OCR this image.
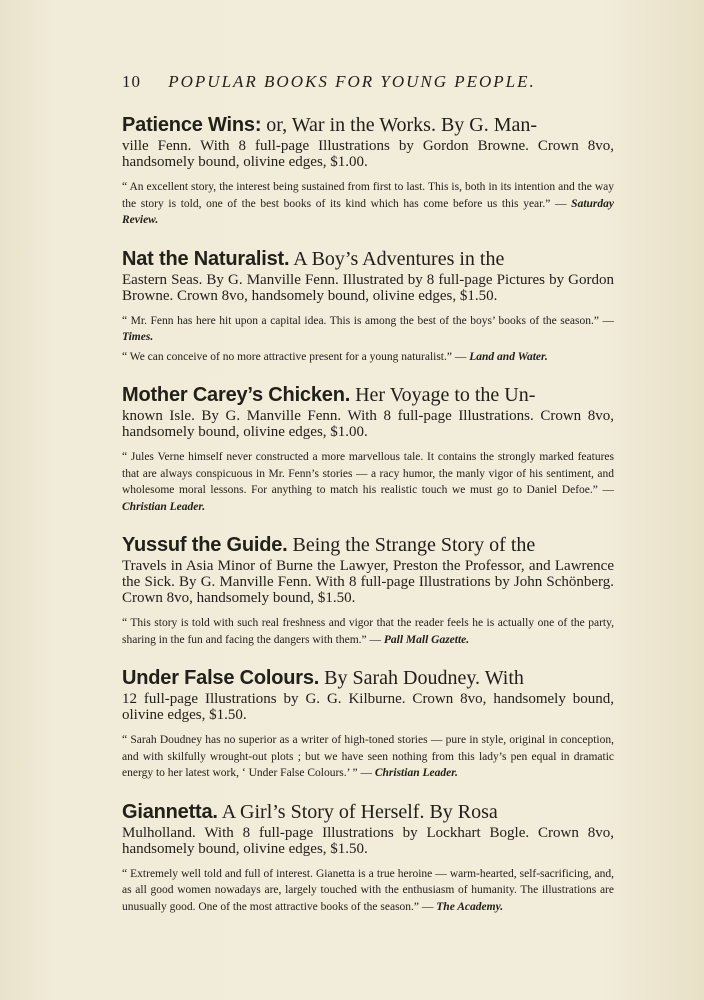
10 POPULAR BOOKS FOR YOUNG PEOPLE.
Patience Wins: or, War in the Works. By G. Man-
ville Fenn. With 8 full-page Illustrations by Gordon Browne. Crown 8vo, handsomely bound, olivine edges, $1.00.
“ An excellent story, the interest being sustained from first to last. This is, both in its intention and the way the story is told, one of the best books of its kind which has come before us this year.” — Saturday Review.
Nat the Naturalist. A Boy’s Adventures in the
Eastern Seas. By G. Manville Fenn. Illustrated by 8 full-page Pictures by Gordon Browne. Crown 8vo, handsomely bound, olivine edges, $1.50.
“ Mr. Fenn has here hit upon a capital idea. This is among the best of the boys’ books of the season.” — Times.
“ We can conceive of no more attractive present for a young naturalist.” — Land and Water.
Mother Carey’s Chicken. Her Voyage to the Un-
known Isle. By G. Manville Fenn. With 8 full-page Illustrations. Crown 8vo, handsomely bound, olivine edges, $1.00.
“ Jules Verne himself never constructed a more marvellous tale. It contains the strongly marked features that are always conspicuous in Mr. Fenn’s stories — a racy humor, the manly vigor of his sentiment, and wholesome moral lessons. For anything to match his realistic touch we must go to Daniel Defoe.” — Christian Leader.
Yussuf the Guide. Being the Strange Story of the
Travels in Asia Minor of Burne the Lawyer, Preston the Professor, and Lawrence the Sick. By G. Manville Fenn. With 8 full-page Illustrations by John Schönberg. Crown 8vo, handsomely bound, $1.50.
“ This story is told with such real freshness and vigor that the reader feels he is actually one of the party, sharing in the fun and facing the dangers with them.” — Pall Mall Gazette.
Under False Colours. By Sarah Doudney. With
12 full-page Illustrations by G. G. Kilburne. Crown 8vo, handsomely bound, olivine edges, $1.50.
“ Sarah Doudney has no superior as a writer of high-toned stories — pure in style, original in conception, and with skilfully wrought-out plots ; but we have seen nothing from this lady’s pen equal in dramatic energy to her latest work, ‘ Under False Colours.’ ” — Christian Leader.
Giannetta. A Girl’s Story of Herself. By Rosa
Mulholland. With 8 full-page Illustrations by Lockhart Bogle. Crown 8vo, handsomely bound, olivine edges, $1.50.
“ Extremely well told and full of interest. Gianetta is a true heroine — warm-hearted, self-sacrificing, and, as all good women nowadays are, largely touched with the enthusiasm of humanity. The illustrations are unusually good. One of the most attractive books of the season.” — The Academy.
